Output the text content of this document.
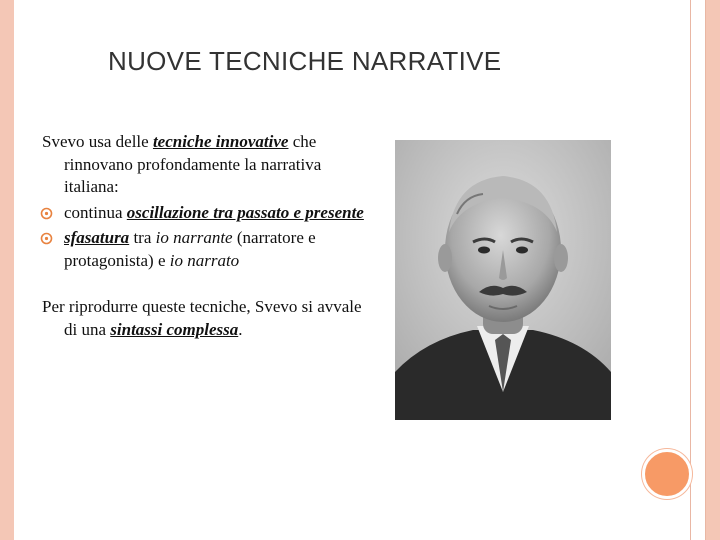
NUOVE TECNICHE NARRATIVE

Svevo usa delle tecniche innovative che rinnovano profondamente la narrativa italiana:

continua oscillazione tra passato e presente
sfasatura tra io narrante (narratore e protagonista) e io narrato

Per riprodurre queste tecniche, Svevo si avvale di una sintassi complessa.
